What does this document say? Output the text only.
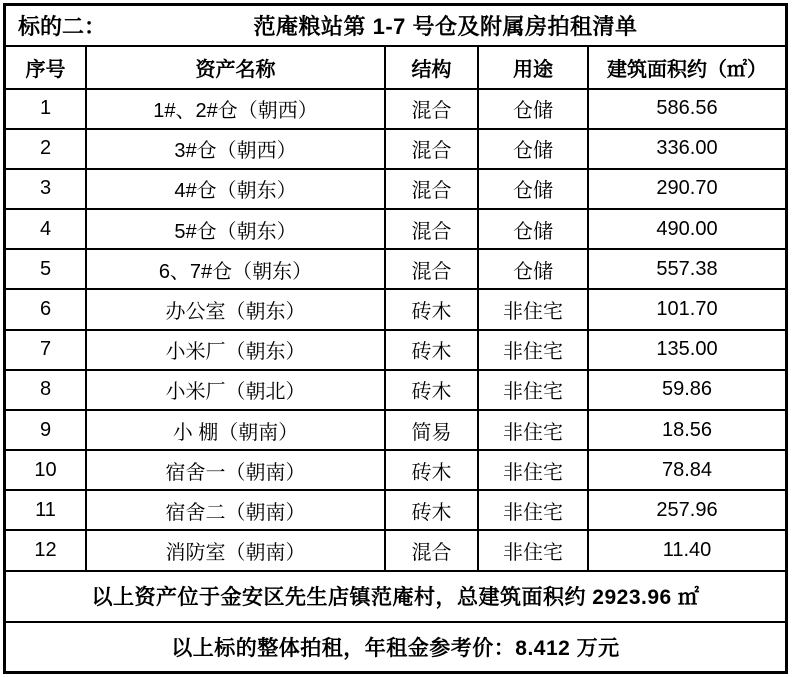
标的二：	范庵粮站第 1-7 号仓及附属房拍租清单
序号	资产名称	结构	用途	建筑面积约（㎡）
1	1#、2#仓（朝西）	混合	仓储	586.56
2	3#仓（朝西）	混合	仓储	336.00
3	4#仓（朝东）	混合	仓储	290.70
4	5#仓（朝东）	混合	仓储	490.00
5	6、7#仓（朝东）	混合	仓储	557.38
6	办公室（朝东）	砖木	非住宅	101.70
7	小米厂（朝东）	砖木	非住宅	135.00
8	小米厂（朝北）	砖木	非住宅	59.86
9	小 棚（朝南）	简易	非住宅	18.56
10	宿舍一（朝南）	砖木	非住宅	78.84
11	宿舍二（朝南）	砖木	非住宅	257.96
12	消防室（朝南）	混合	非住宅	11.40
以上资产位于金安区先生店镇范庵村，总建筑面积约 2923.96 ㎡
以上标的整体拍租，年租金参考价：8.412 万元
